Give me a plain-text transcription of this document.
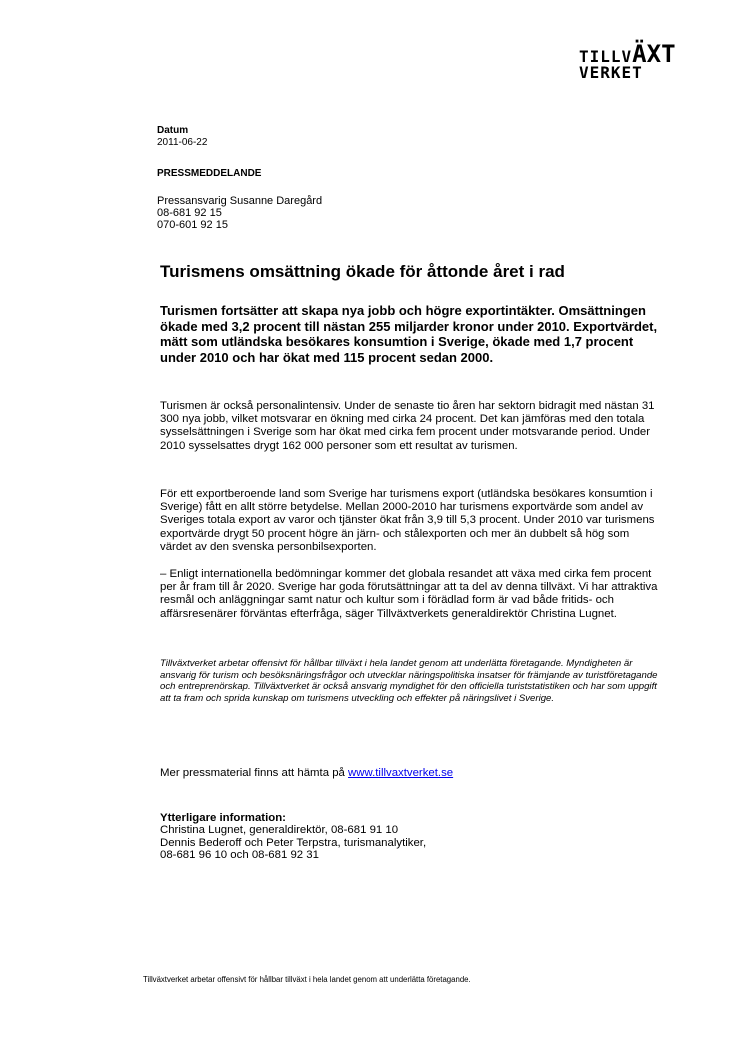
TILLVÄXT
VERKET
Datum
2011-06-22
PRESSMEDDELANDE
Pressansvarig Susanne Daregård
08-681 92 15
070-601 92 15
Turismens omsättning ökade för åttonde året i rad

Turismen fortsätter att skapa nya jobb och högre exportintäkter. Omsättningen ökade med 3,2 procent till nästan 255 miljarder kronor under 2010. Exportvärdet, mätt som utländska besökares konsumtion i Sverige, ökade med 1,7 procent under 2010 och har ökat med 115 procent sedan 2000.

Turismen är också personalintensiv. Under de senaste tio åren har sektorn bidragit med nästan 31 300 nya jobb, vilket motsvarar en ökning med cirka 24 procent. Det kan jämföras med den totala sysselsättningen i Sverige som har ökat med cirka fem procent under motsvarande period. Under 2010 sysselsattes drygt 162 000 personer som ett resultat av turismen.

För ett exportberoende land som Sverige har turismens export (utländska besökares konsumtion i Sverige) fått en allt större betydelse. Mellan 2000-2010 har turismens exportvärde som andel av Sveriges totala export av varor och tjänster ökat från 3,9 till 5,3 procent. Under 2010 var turismens exportvärde drygt 50 procent högre än järn- och stålexporten och mer än dubbelt så hög som värdet av den svenska personbilsexporten.

– Enligt internationella bedömningar kommer det globala resandet att växa med cirka fem procent per år fram till år 2020. Sverige har goda förutsättningar att ta del av denna tillväxt. Vi har attraktiva resmål och anläggningar samt natur och kultur som i förädlad form är vad både fritids- och affärsresenärer förväntas efterfråga, säger Tillväxtverkets generaldirektör Christina Lugnet.

Tillväxtverket arbetar offensivt för hållbar tillväxt i hela landet genom att underlätta företagande. Myndigheten är ansvarig för turism och besöksnäringsfrågor och utvecklar näringspolitiska insatser för främjande av turistföretagande och entreprenörskap. Tillväxtverket är också ansvarig myndighet för den officiella turiststatistiken och har som uppgift att ta fram och sprida kunskap om turismens utveckling och effekter på näringslivet i Sverige.

Mer pressmaterial finns att hämta på www.tillvaxtverket.se
Ytterligare information:
Christina Lugnet, generaldirektör, 08-681 91 10
Dennis Bederoff och Peter Terpstra, turismanalytiker,
08-681 96 10 och 08-681 92 31
Tillväxtverket arbetar offensivt för hållbar tillväxt i hela landet genom att underlätta företagande.
